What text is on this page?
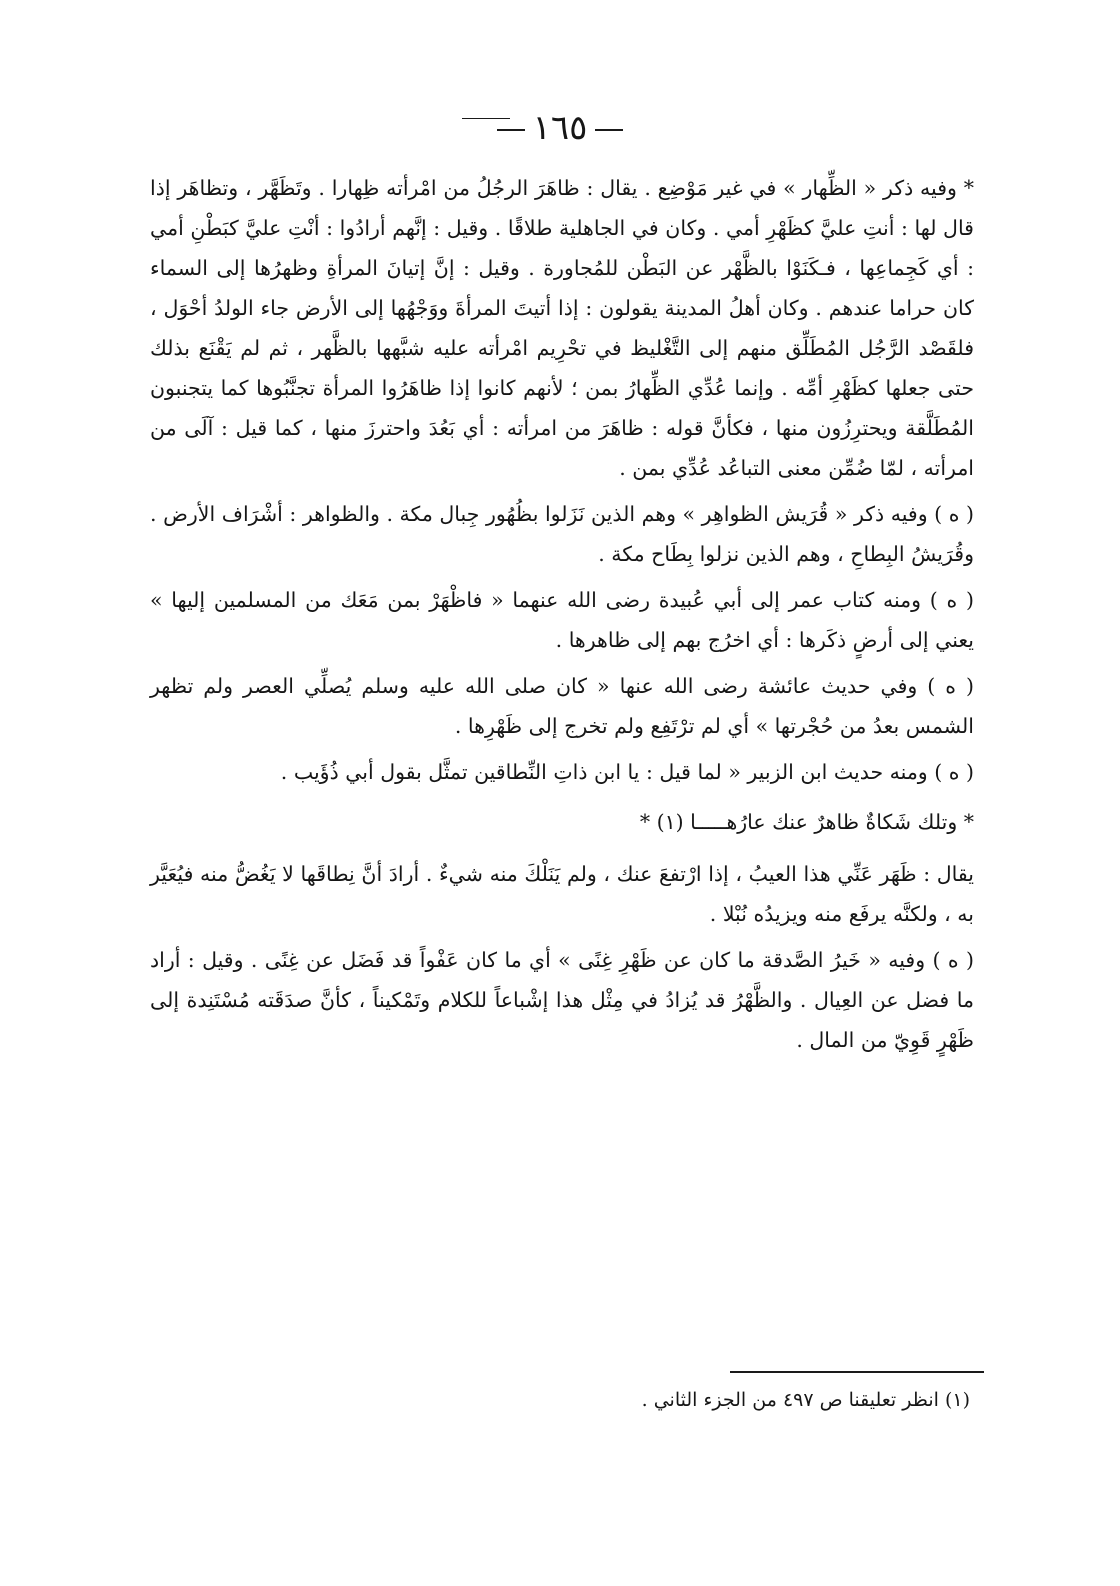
١٦٥

* وفيه ذكر « الظِّهار » في غير مَوْضِع . يقال : ظاهَرَ الرجُلُ من امْرأته ظِهارا . وتَظَهَّر ، وتظاهَر إذا قال لها : أنتِ عليَّ كظَهْرِ أمي . وكان في الجاهلية طلاقًا . وقيل : إنَّهم أرادُوا : أنْتِ عليَّ كبَطْنِ أمي : أي كَجِماعِها ، فـكَنَوْا بالظَّهْر عن البَطْن للمُجاورة . وقيل : إنَّ إتيانَ المرأةِ وظهرُها إلى السماء كان حراما عندهم . وكان أهلُ المدينة يقولون : إذا أتيتَ المرأةَ ووَجْهُها إلى الأرض جاء الولدُ أحْوَل ، فلقَصْد الرَّجُل المُطَلِّق منهم إلى التَّغْليظ في تحْرِيم امْرأته عليه شبَّهها بالظَّهر ، ثم لم يَقْنَع بذلك حتى جعلها كظَهْرِ أمِّه . وإنما عُدِّي الظِّهارُ بمن ؛ لأنهم كانوا إذا ظاهَرُوا المرأة تجنَّبُوها كما يتجنبون المُطَلَّقة ويحترِزُون منها ، فكأنَّ قوله : ظاهَرَ من امرأته : أي بَعُدَ واحترزَ منها ، كما قيل : آلَى من امرأته ، لمّا ضُمِّن معنى التباعُد عُدِّي بمن .

( ه ) وفيه ذكر « قُرَيش الظواهِر » وهم الذين نَزَلوا بظُهُور جِبال مكة . والظواهر : أشْرَاف الأرض . وقُرَيشُ البِطاحِ ، وهم الذين نزلوا بِطَاح مكة .

( ه ) ومنه كتاب عمر إلى أبي عُبيدة رضى الله عنهما « فاظْهَرْ بمن مَعَك من المسلمين إليها » يعني إلى أرضٍ ذكَرها : أي اخرُج بهم إلى ظاهرها .

( ه ) وفي حديث عائشة رضى الله عنها « كان صلى الله عليه وسلم يُصلِّي العصر ولم تظهر الشمس بعدُ من حُجْرتها » أي لم ترْتَفِع ولم تخرج إلى ظَهْرِها .

( ه ) ومنه حديث ابن الزبير « لما قيل : يا ابن ذاتِ النِّطاقين تمثَّل بقول أبي ذُؤَيب .

* وتلك شَكاةٌ ظاهرٌ عنك عارُهـــــا (١) *

يقال : ظَهَر عَنِّي هذا العيبُ ، إذا ارْتفعَ عنك ، ولم يَنَلْكَ منه شيءٌ . أرادَ أنَّ نِطاقَها لا يَغُضُّ منه فيُعَيَّر به ، ولكنَّه يرفَع منه ويزيدُه نُبْلا .

( ه ) وفيه « خَيرُ الصَّدقة ما كان عن ظَهْرِ غِنًى » أي ما كان عَفْواً قد فَضَل عن غِنًى . وقيل : أراد ما فضل عن العِيال . والظَّهْرُ قد يُزادُ في مِثْل هذا إشْباعاً للكلام وتَمْكيناً ، كأنَّ صدَقَته مُسْتَنِدة إلى ظَهْرٍ قَوِيّ من المال .

(١) انظر تعليقنا ص ٤٩٧ من الجزء الثاني .
